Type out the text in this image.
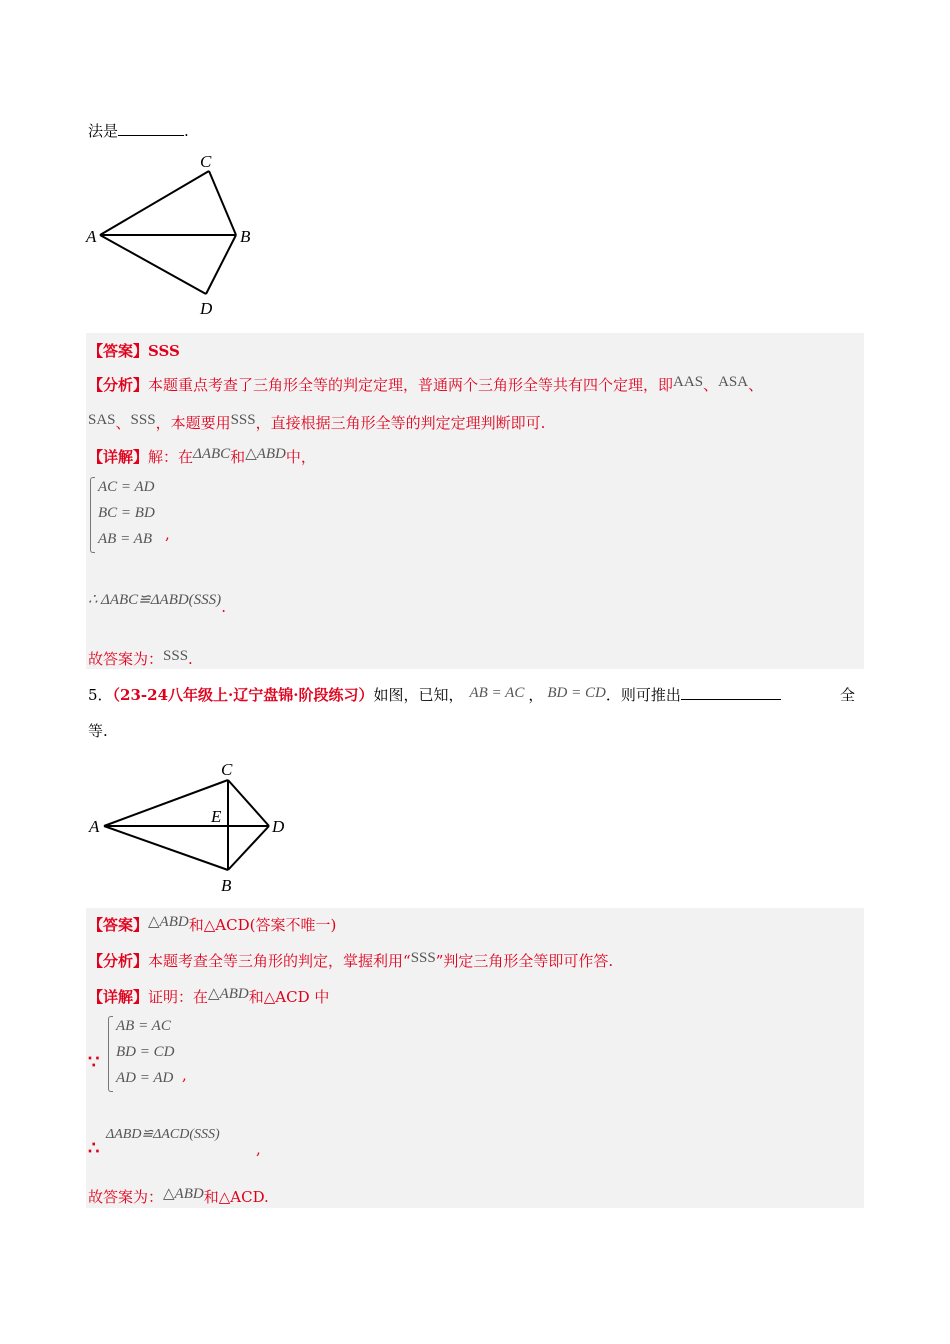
法是	.
C
A	B
D
【答案】SSS
【分析】本题重点考查了三角形全等的判定定理，普通两个三角形全等共有四个定理，即AAS、ASA、
SAS、SSS，本题要用SSS，直接根据三角形全等的判定定理判断即可.
【详解】解：在ΔABC和△ABD中，
AC = AD
BC = BD
AB = AB ,
∴ ΔABC≌ΔABD(SSS).
故答案为：SSS.
5．（23-24八年级上·辽宁盘锦·阶段练习）如图，已知， AB = AC ， BD = CD．则可推出	全
等.
C
A
E
D
B
【答案】△ABD和△ACD(答案不唯一)
【分析】本题考查全等三角形的判定，掌握利用“SSS”判定三角形全等即可作答.
【详解】证明：在△ABD和△ACD 中
∵
AB = AC
BD = CD
AD = AD ,
∴
ΔABD≌ΔACD(SSS)
,
故答案为：△ABD和△ACD.
